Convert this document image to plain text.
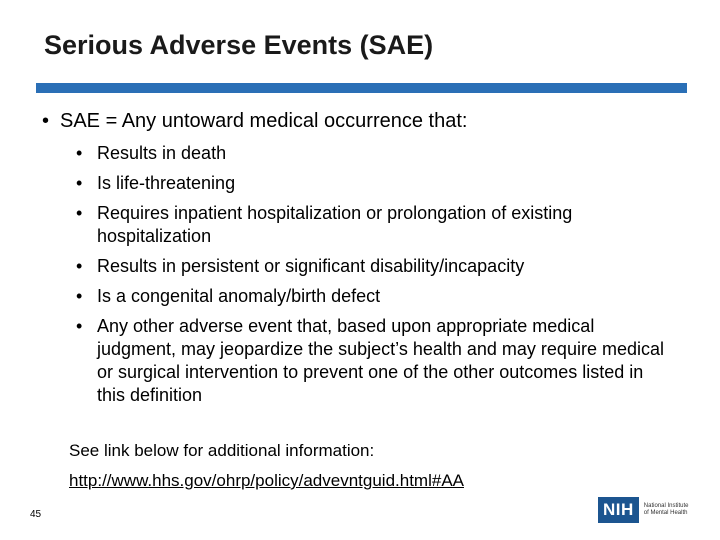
Serious Adverse Events (SAE)
• SAE = Any untoward medical occurrence that:
• Results in death
• Is life-threatening
• Requires inpatient hospitalization or prolongation of existing hospitalization
• Results in persistent or significant disability/incapacity
• Is a congenital anomaly/birth defect
• Any other adverse event that, based upon appropriate medical judgment, may jeopardize the subject’s health and may require medical or surgical intervention to prevent one of the other outcomes listed in this definition
See link below for additional information:
http://www.hhs.gov/ohrp/policy/advevntguid.html#AA
45	NIH	National Institute
of Mental Health
